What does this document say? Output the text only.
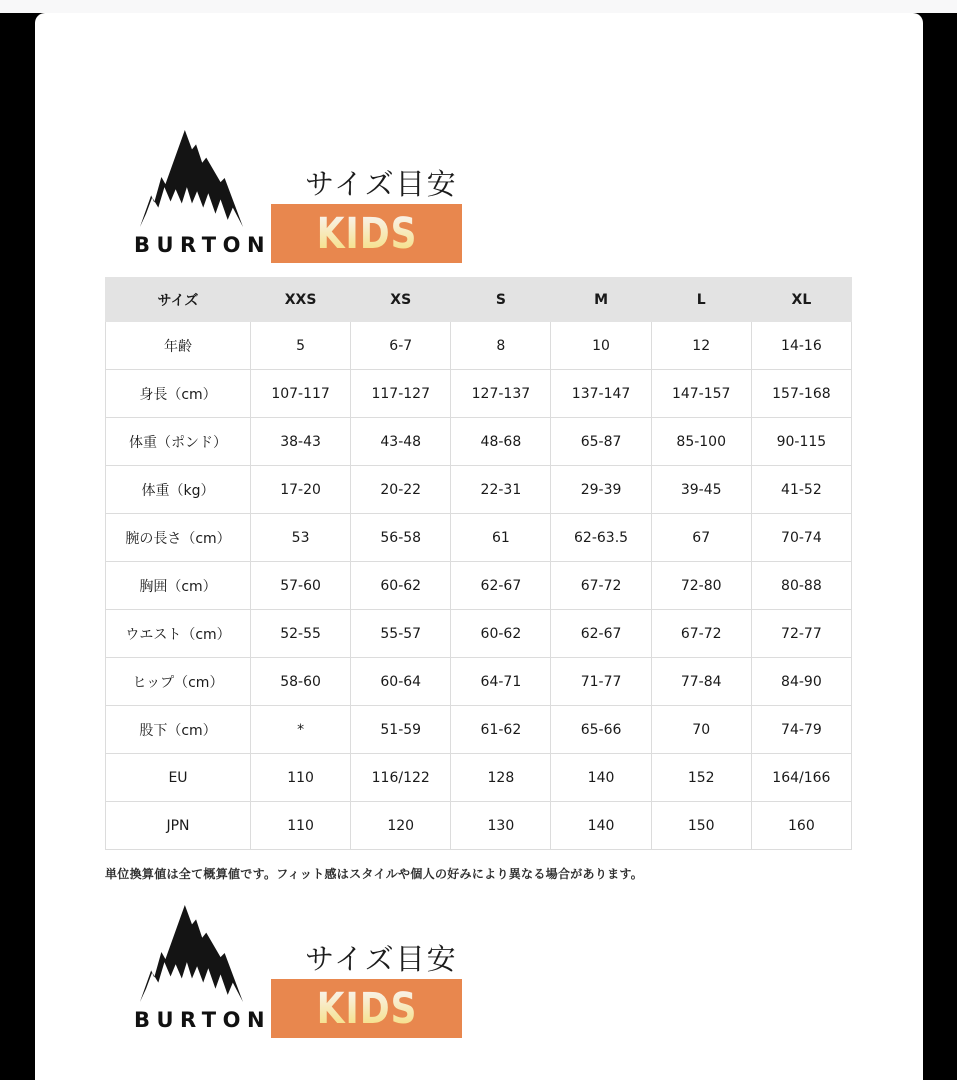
BURTON
サイズ目安
KIDS
サイズ	XXS	XS	S	M	L	XL
年齢	5	6-7	8	10	12	14-16
身長（cm）	107-117	117-127	127-137	137-147	147-157	157-168
体重（ポンド）	38-43	43-48	48-68	65-87	85-100	90-115
体重（kg）	17-20	20-22	22-31	29-39	39-45	41-52
腕の長さ（cm）	53	56-58	61	62-63.5	67	70-74
胸囲（cm）	57-60	60-62	62-67	67-72	72-80	80-88
ウエスト（cm）	52-55	55-57	60-62	62-67	67-72	72-77
ヒップ（cm）	58-60	60-64	64-71	71-77	77-84	84-90
股下（cm）	*	51-59	61-62	65-66	70	74-79
EU	110	116/122	128	140	152	164/166
JPN	110	120	130	140	150	160
単位換算値は全て概算値です。フィット感はスタイルや個人の好みにより異なる場合があります。
BURTON
サイズ目安
KIDS
